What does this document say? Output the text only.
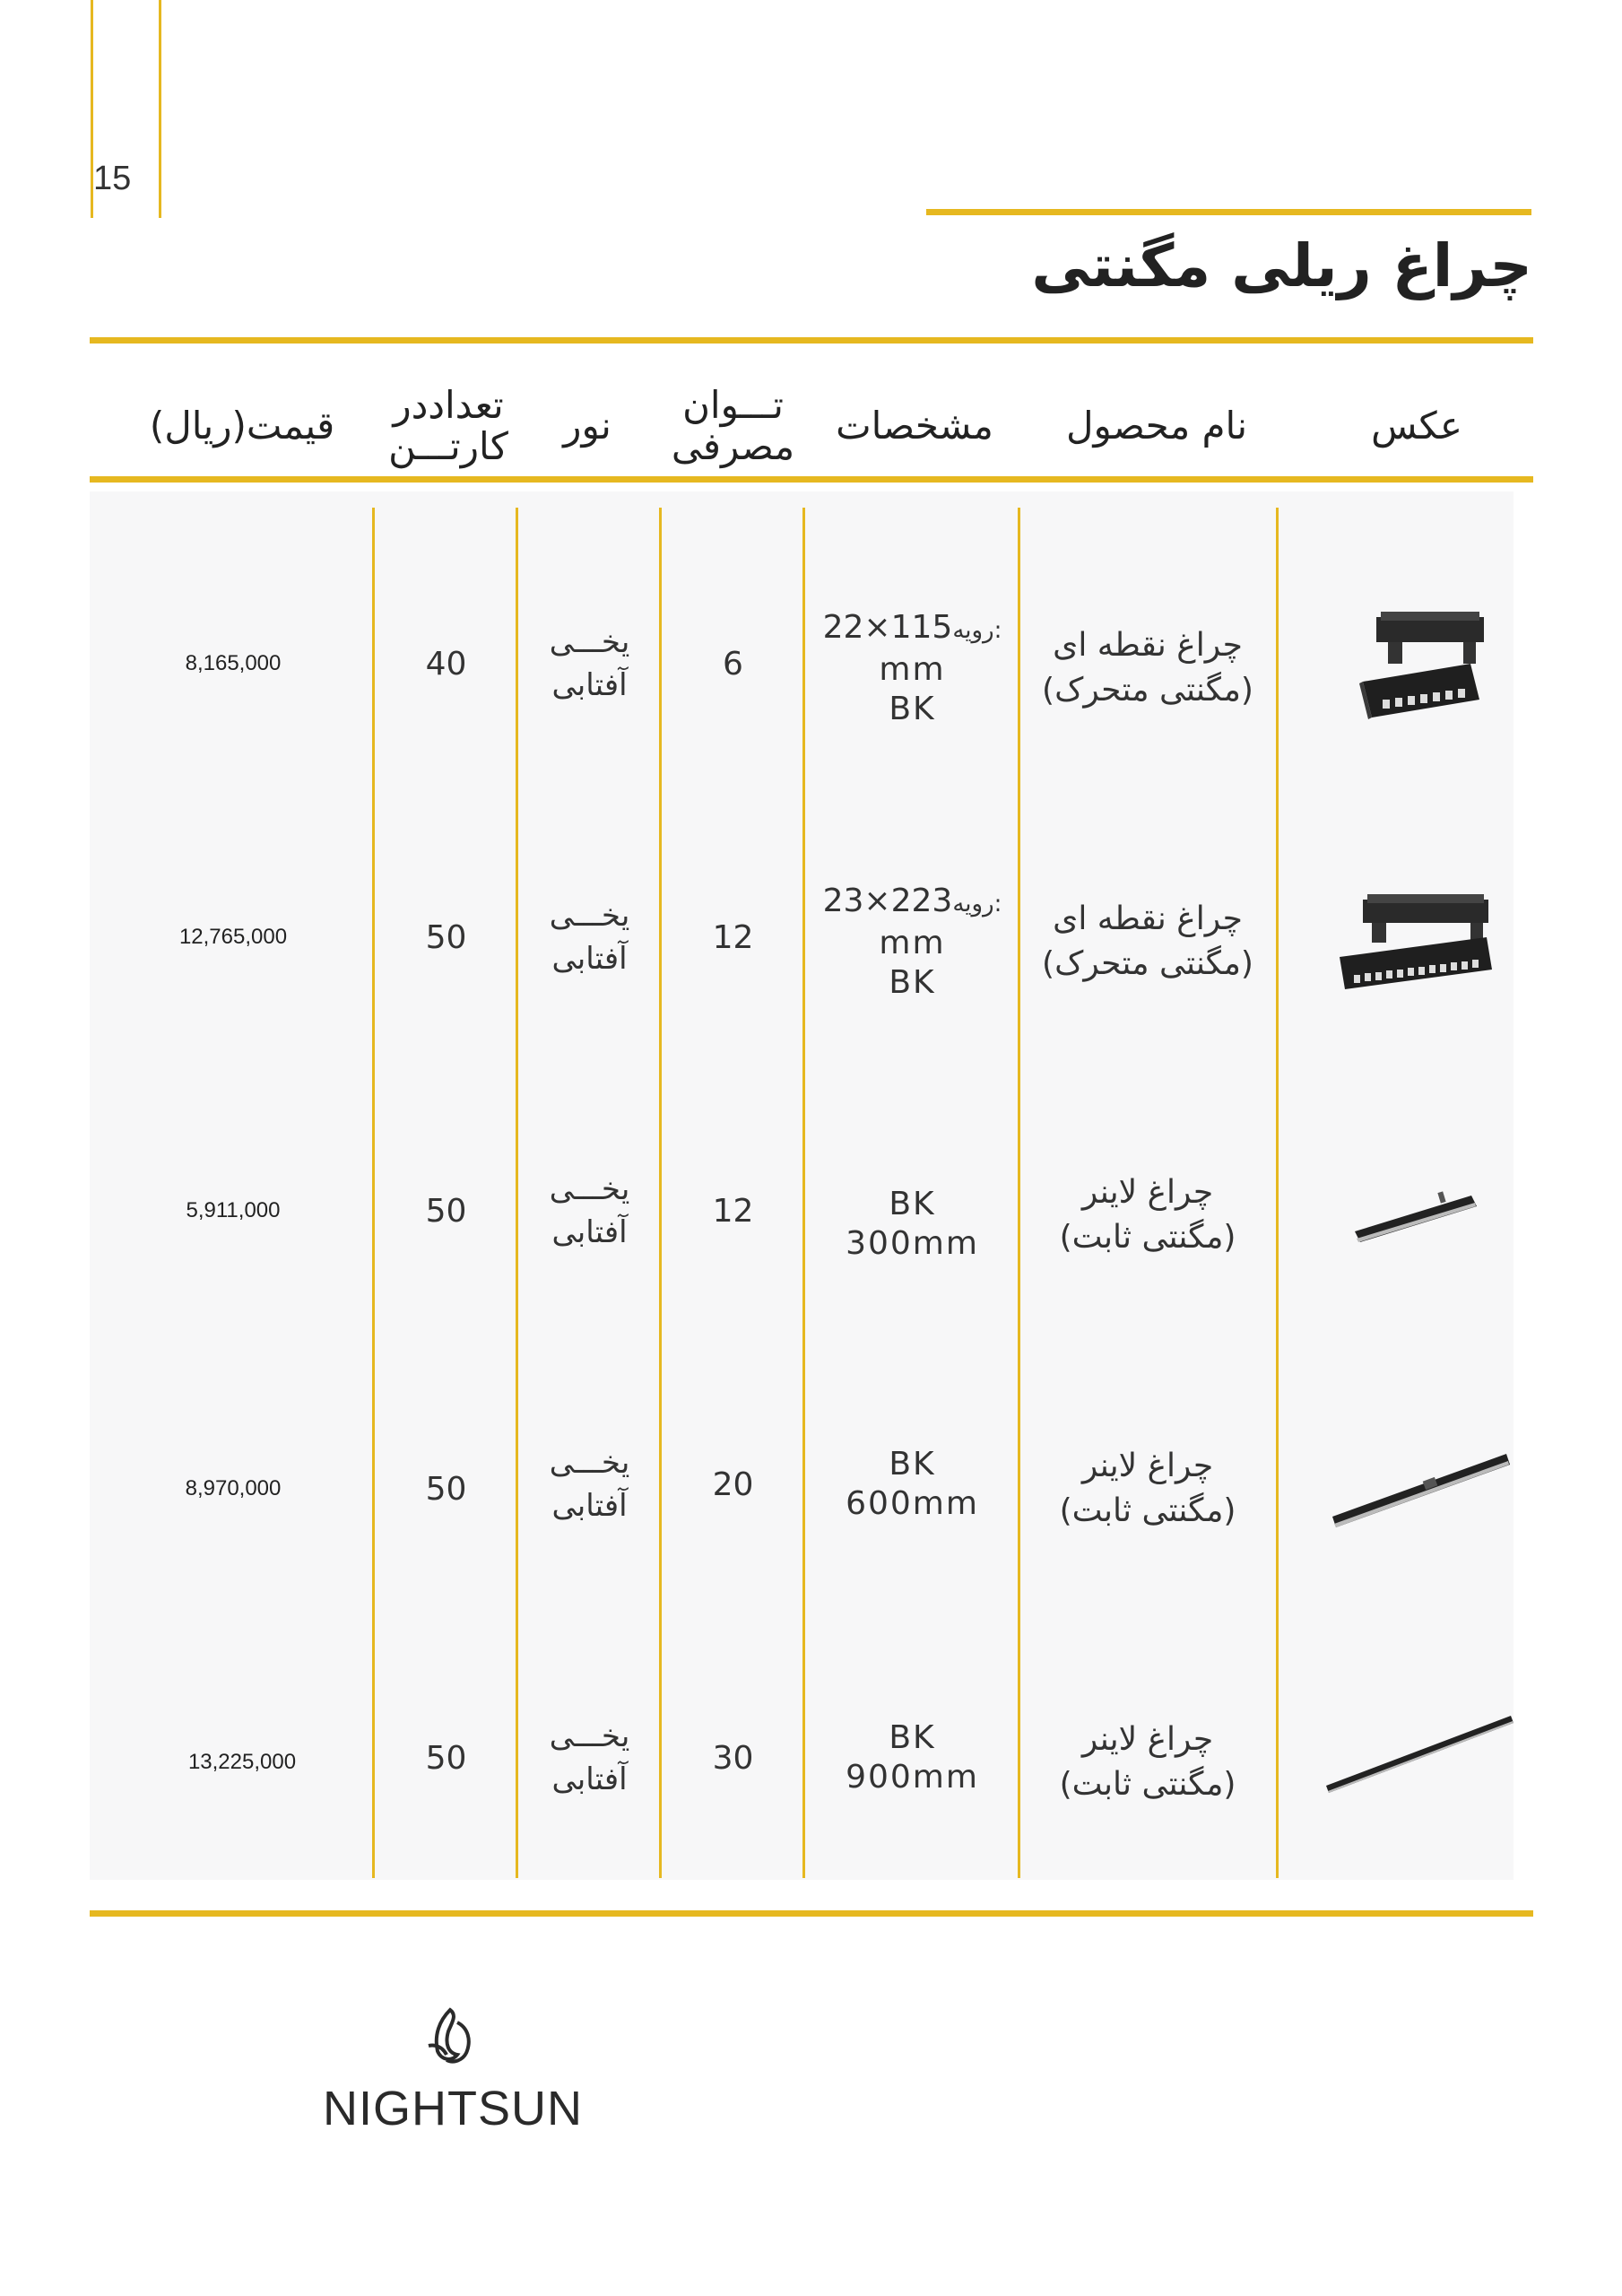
15
چراغ ریلی مگنتی
عکس
نام محصول
مشخصات
تـــوان مصرفی
نور
تعداددر کارتـــن
قیمت(ریال)
چراغ نقطه ای
(مگنتی متحرک)
22×115رویه:
mm
BK
6
یخـــی
آفتابی
40
8,165,000
چراغ نقطه ای
(مگنتی متحرک)
23×223رویه:
mm
BK
12
یخـــی
آفتابی
50
12,765,000
چراغ لاینر
(مگنتی ثابت)
BK
300mm
12
یخـــی
آفتابی
50
5,911,000
چراغ لاینر
(مگنتی ثابت)
BK
600mm
20
یخـــی
آفتابی
50
8,970,000
چراغ لاینر
(مگنتی ثابت)
BK
900mm
30
یخـــی
آفتابی
50
13,225,000
NIGHTSUN
